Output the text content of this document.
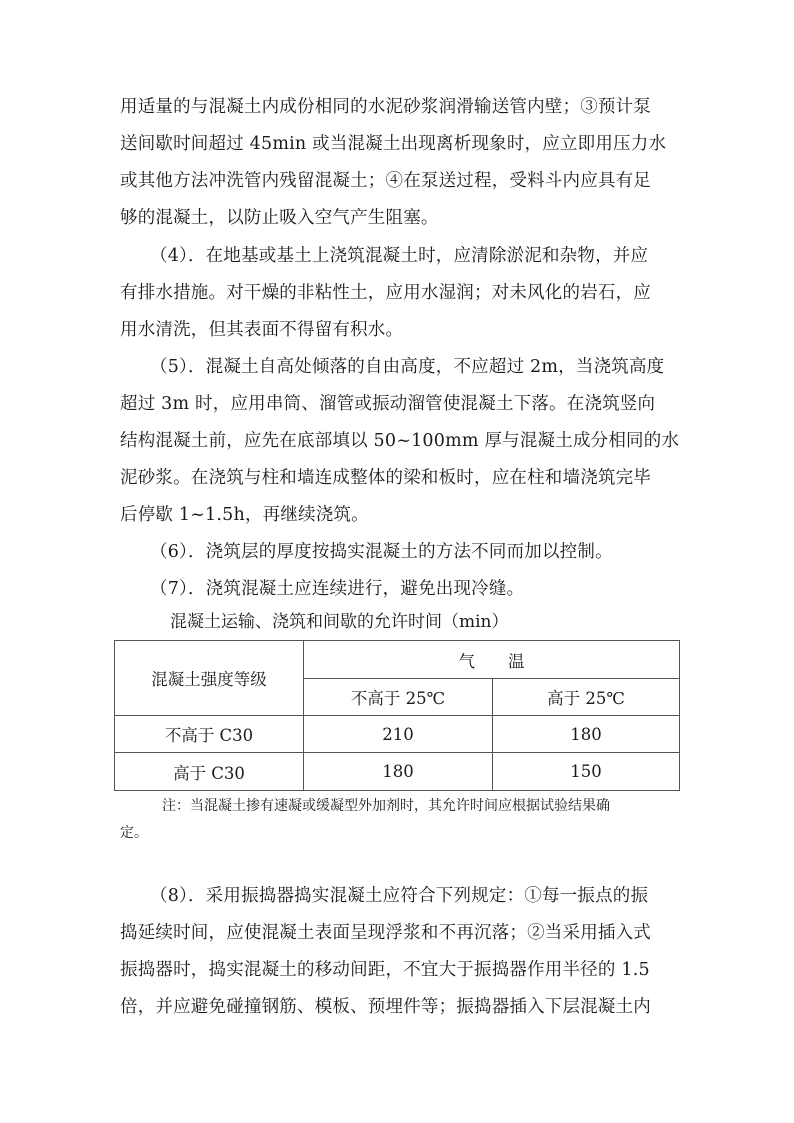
用适量的与混凝土内成份相同的水泥砂浆润滑输送管内壁；③预计泵
送间歇时间超过 45min 或当混凝土出现离析现象时，应立即用压力水
或其他方法冲洗管内残留混凝土；④在泵送过程，受料斗内应具有足
够的混凝土，以防止吸入空气产生阻塞。
（4）．在地基或基土上浇筑混凝土时，应清除淤泥和杂物，并应
有排水措施。对干燥的非粘性土，应用水湿润；对未风化的岩石，应
用水清洗，但其表面不得留有积水。
（5）．混凝土自高处倾落的自由高度，不应超过 2m，当浇筑高度
超过 3m 时，应用串筒、溜管或振动溜管使混凝土下落。在浇筑竖向
结构混凝土前，应先在底部填以 50~100mm 厚与混凝土成分相同的水
泥砂浆。在浇筑与柱和墙连成整体的梁和板时，应在柱和墙浇筑完毕
后停歇 1~1.5h，再继续浇筑。
（6）．浇筑层的厚度按捣实混凝土的方法不同而加以控制。
（7）．浇筑混凝土应连续进行，避免出现冷缝。
混凝土运输、浇筑和间歇的允许时间（min）
混凝土强度等级	气　　温	
	不高于 25℃	高于 25℃
不高于 C30	210	180
高于 C30	180	150
注：当混凝土掺有速凝或缓凝型外加剂时，其允许时间应根据试验结果确
定。
（8）．采用振捣器捣实混凝土应符合下列规定：①每一振点的振
捣延续时间，应使混凝土表面呈现浮浆和不再沉落；②当采用插入式
振捣器时，捣实混凝土的移动间距，不宜大于振捣器作用半径的 1.5
倍，并应避免碰撞钢筋、模板、预埋件等；振捣器插入下层混凝土内
